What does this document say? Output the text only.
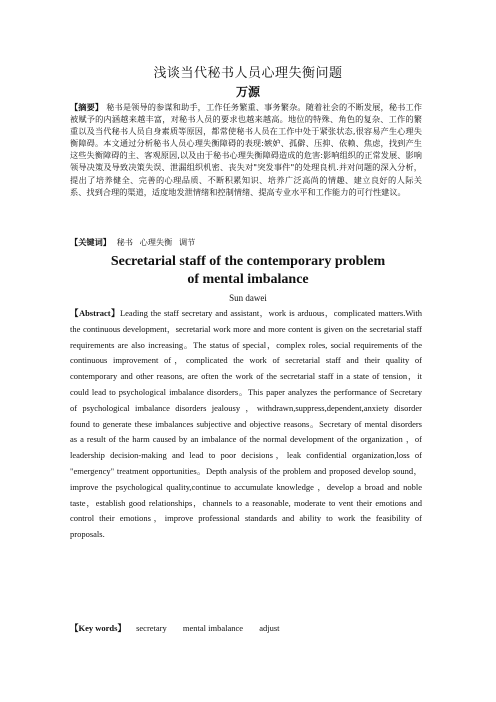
浅谈当代秘书人员心理失衡问题
万源
【摘要】 秘书是领导的参谋和助手，工作任务繁重、事务繁杂。随着社会的不断发展，秘书工作被赋予的内涵越来越丰富，对秘书人员的要求也越来越高。地位的特殊、角色的复杂、工作的繁重以及当代秘书人员自身素质等原因，都常使秘书人员在工作中处于紧张状态,很容易产生心理失衡障碍。本文通过分析秘书人员心理失衡障碍的表现:嫉妒、孤僻、压抑、依赖、焦虑，找到产生这些失衡障碍的主、客观原因,以及由于秘书心理失衡障碍造成的危害:影响组织的正常发展、影响领导决策及导致决策失误、泄漏组织机密、丧失对"突发事件"的处理良机.并对问题的深入分析，提出了培养健全、完善的心理品质、不断积累知识、培养广泛高尚的情趣、建立良好的人际关系、找到合理的渠道，适度地发泄情绪和控制情绪、提高专业水平和工作能力的可行性建议。
【关键词】 秘书 心理失衡 调节
Secretarial staff of the contemporary problem
of mental imbalance
Sun dawei
【Abstract】Leading the staff secretary and assistant，work is arduous，complicated matters.With the continuous development，secretarial work more and more content is given on the secretarial staff requirements are also increasing。The status of special，complex roles, social requirements of the continuous improvement of，complicated the work of secretarial staff and their quality of contemporary and other reasons, are often the work of the secretarial staff in a state of tension，it could lead to psychological imbalance disorders。This paper analyzes the performance of Secretary of psychological imbalance disorders jealousy ，withdrawn,suppress,dependent,anxiety disorder found to generate these imbalances subjective and objective reasons。Secretary of mental disorders as a result of the harm caused by an imbalance of the normal development of the organization ，of leadership decision-making and lead to poor decisions，leak confidential organization,loss of "emergency" treatment opportunities。Depth analysis of the problem and proposed develop sound，improve the psychological quality,continue to accumulate knowledge ，develop a broad and noble taste，establish good relationships，channels to a reasonable, moderate to vent their emotions and control their emotions，improve professional standards and ability to work the feasibility of proposals.
【Key words】 secretary mental imbalance adjust
